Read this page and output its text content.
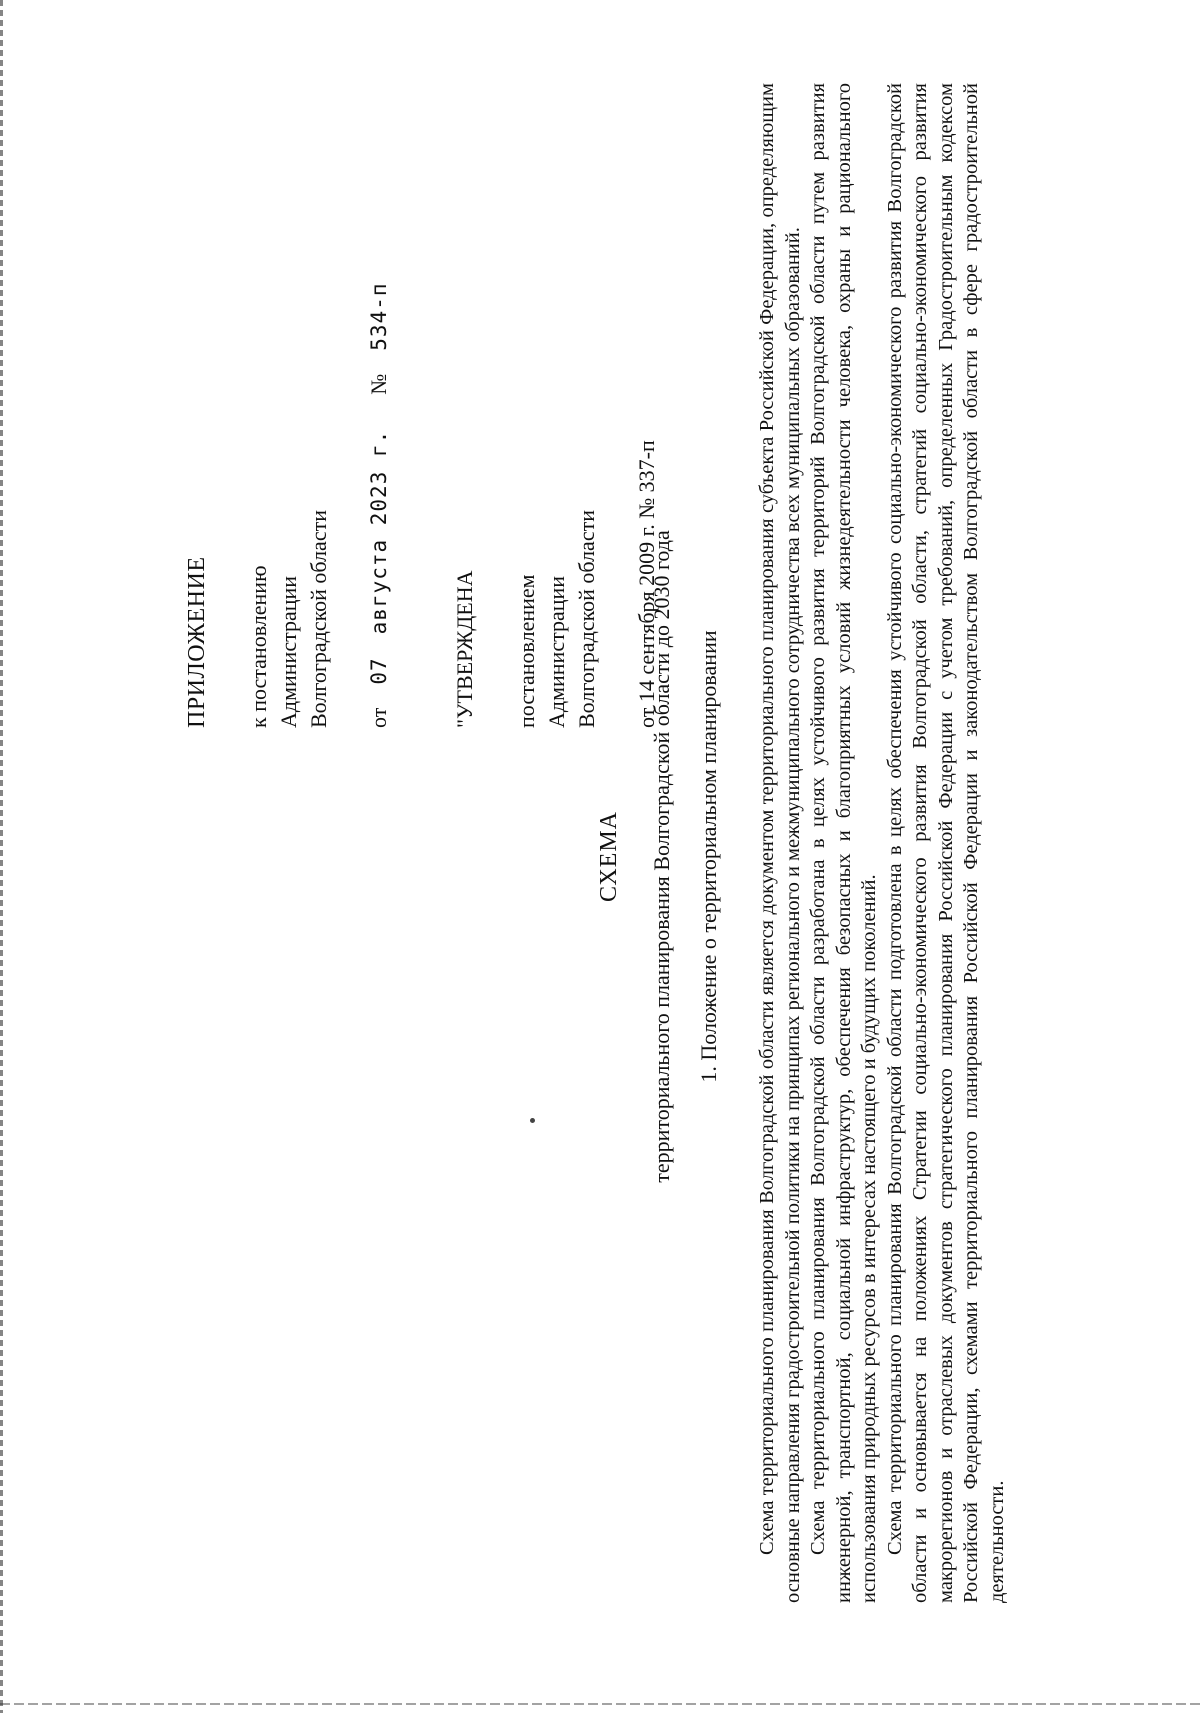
ПРИЛОЖЕНИЕ к постановлению Администрации Волгоградской области от  07  августа 2023 г.  №  534-п

"УТВЕРЖДЕНА постановлением Администрации Волгоградской области от 14 сентября 2009 г. № 337-п

СХЕМА территориального планирования Волгоградской области до 2030 года 1. Положение о территориальном планировании Схема территориального планирования Волгоградской области является документом территориального планирования субъекта Российской Федерации, определяющим основные направления градостроительной политики на принципах регионального и межмуниципального сотрудничества всех муниципальных образований. Схема территориального планирования Волгоградской области разработана в целях устойчивого развития территорий Волгоградской области путем развития инженерной, транспортной, социальной инфраструктур, обеспечения безопасных и благоприятных условий жизнедеятельности человека, охраны и рационального использования природных ресурсов в интересах настоящего и будущих поколений. Схема территориального планирования Волгоградской области подготовлена в целях обеспечения устойчивого социально-экономического развития Волгоградской области и основывается на положениях Стратегии социально-экономического развития Волгоградской области, стратегий социально-экономического развития макрорегионов и отраслевых документов стратегического планирования Российской Федерации с учетом требований, определенных Градостроительным кодексом Российской Федерации, схемами территориального планирования Российской Федерации и законодательством Волгоградской области в сфере градостроительной деятельности.
